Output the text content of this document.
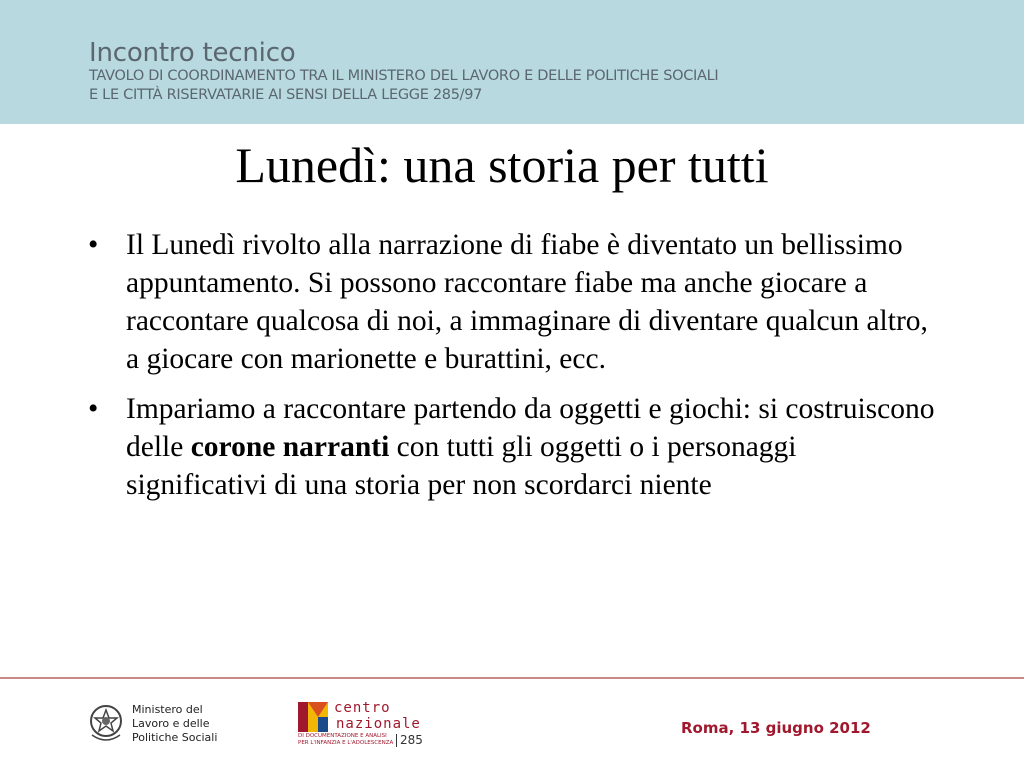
Incontro tecnico
TAVOLO DI COORDINAMENTO TRA IL MINISTERO DEL LAVORO E DELLE POLITICHE SOCIALI
E LE CITTÀ RISERVATARIE AI SENSI DELLA LEGGE 285/97
Lunedì: una storia per tutti
• Il Lunedì rivolto alla narrazione di fiabe è diventato un bellissimo appuntamento. Si possono raccontare fiabe ma anche giocare a raccontare qualcosa di noi, a immaginare di diventare qualcun altro, a giocare con marionette e burattini, ecc.
• Impariamo a raccontare partendo da oggetti e giochi: si costruiscono delle corone narranti con tutti gli oggetti o i personaggi significativi di una storia per non scordarci niente
Ministero del
Lavoro e delle
Politiche Sociali
centro
nazionale
DI DOCUMENTAZIONE E ANALISI
PER L'INFANZIA E L'ADOLESCENZA 285
Roma, 13 giugno 2012
